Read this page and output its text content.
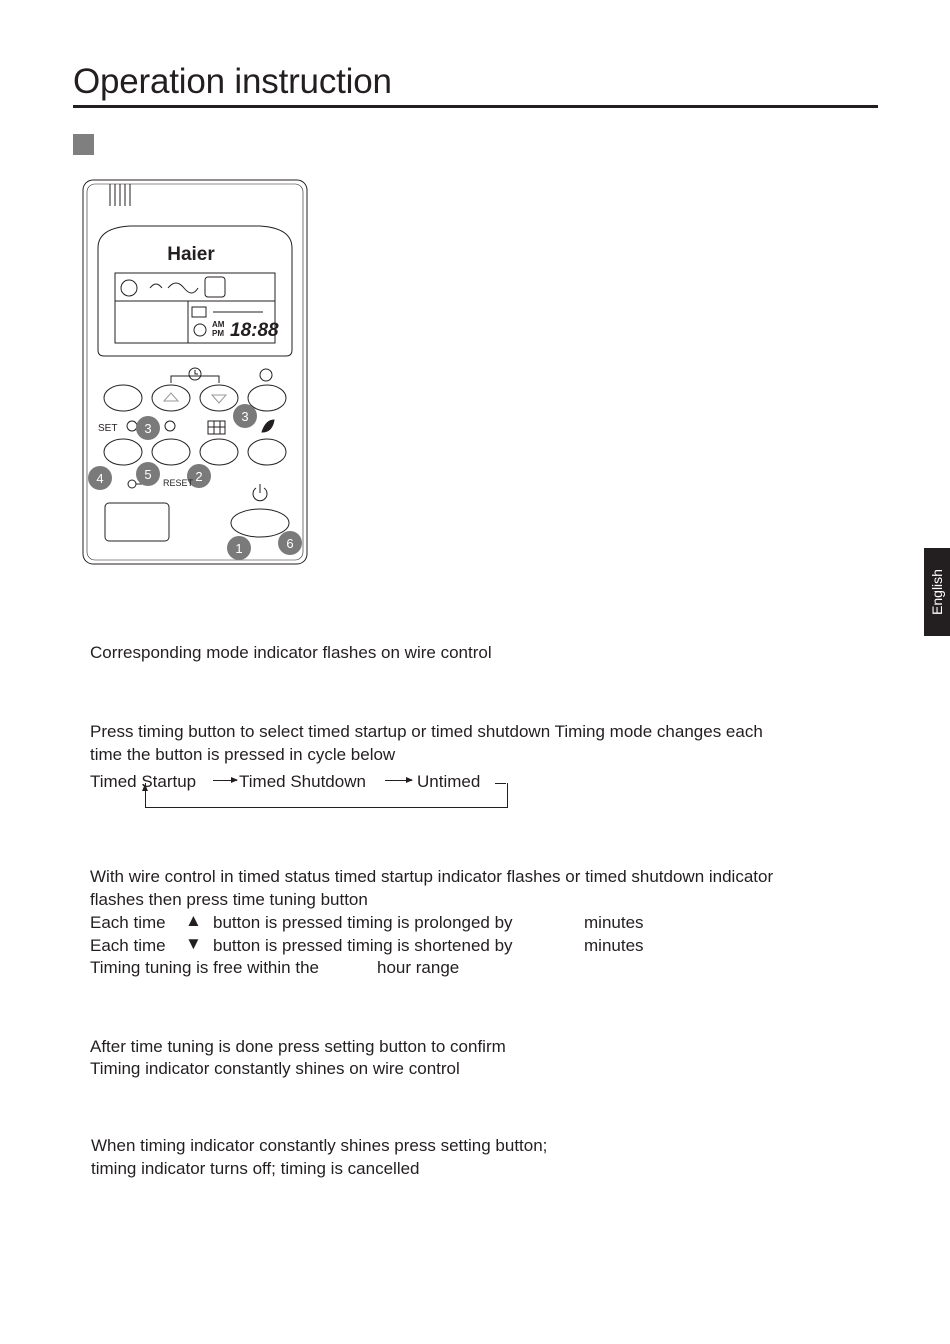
Operation instruction
English
Haier
18:88
AM
PM
SET
RESET
3
3
4	5	2
1	6
Corresponding mode indicator flashes on wire control
Press timing button to select timed startup or timed shutdown Timing mode changes each
time the button is pressed in cycle below
Timed Startup	Timed Shutdown	Untimed
With wire control in timed status timed startup indicator flashes or timed shutdown indicator
flashes then press time tuning button
Each time ▲ button is pressed timing is prolonged by	minutes
Each time ▼ button is pressed timing is shortened by	minutes
Timing tuning is free within the	hour range
After time tuning is done press setting button to confirm
Timing indicator constantly shines on wire control
When timing indicator constantly shines press setting button;
timing indicator turns off; timing is cancelled
